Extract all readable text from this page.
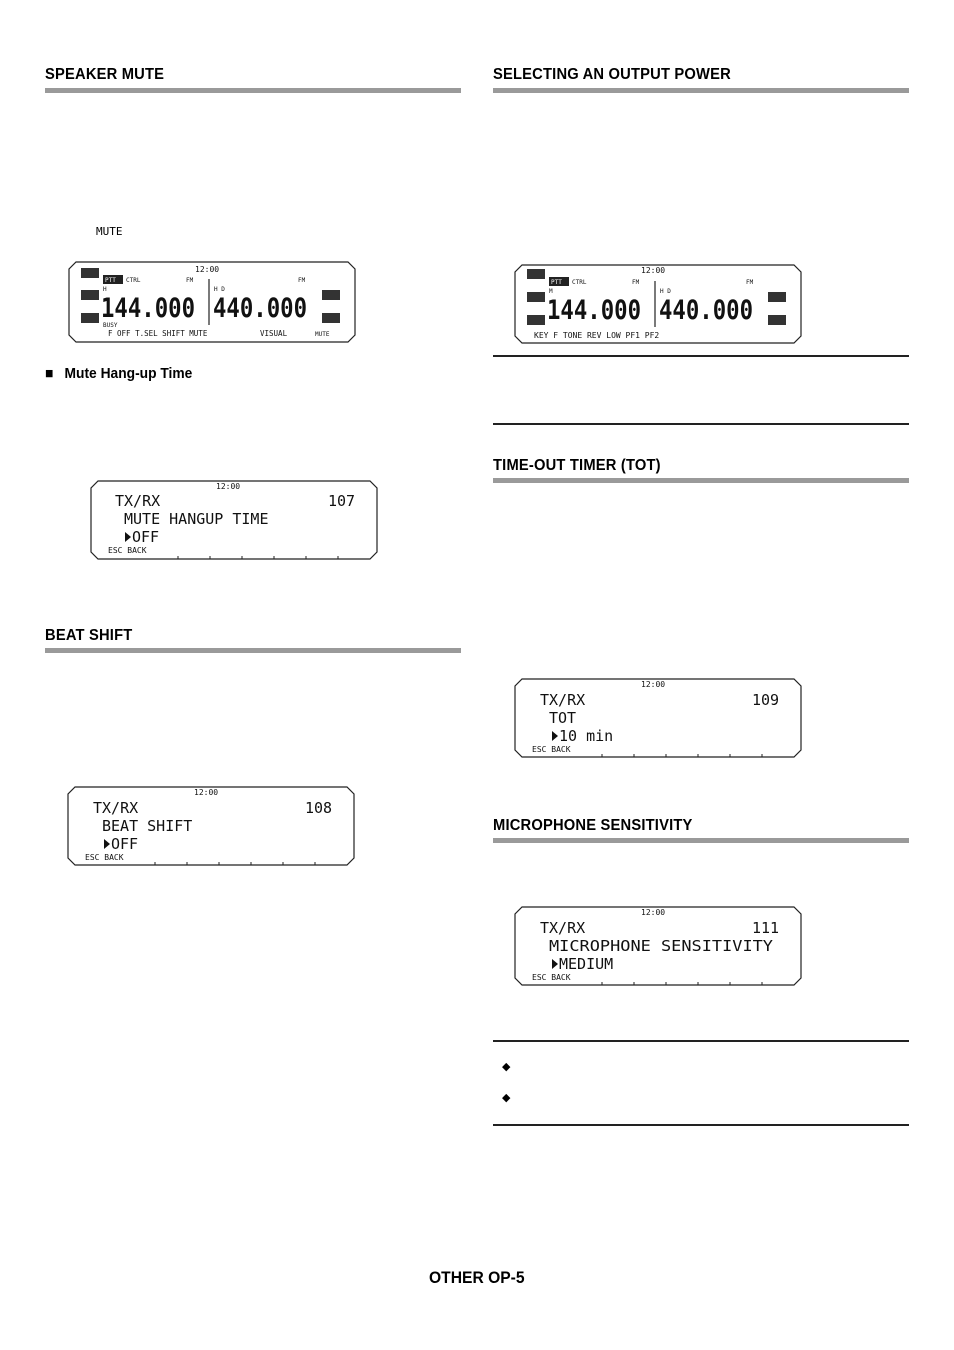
SPEAKER MUTE
MUTE
12:00
PTT CTRL	FM	FM
H	H D
144.000 440.000
BUSY
F OFF T.SEL SHIFT MUTE	VISUAL	MUTE
■ Mute Hang-up Time
12:00
TX/RX	107
MUTE HANGUP TIME
OFF
ESC BACK
BEAT SHIFT
12:00
TX/RX	108
BEAT SHIFT
OFF
ESC BACK
SELECTING AN OUTPUT POWER
12:00
PTT CTRL	FM	FM
M	H D
144.000 440.000
KEY F TONE REV LOW PF1 PF2
TIME-OUT TIMER (TOT)
12:00
TX/RX	109
TOT
10 min
ESC BACK
MICROPHONE SENSITIVITY
12:00
TX/RX	111
MICROPHONE SENSITIVITY
MEDIUM
ESC BACK
◆
◆
OTHER OP-5
